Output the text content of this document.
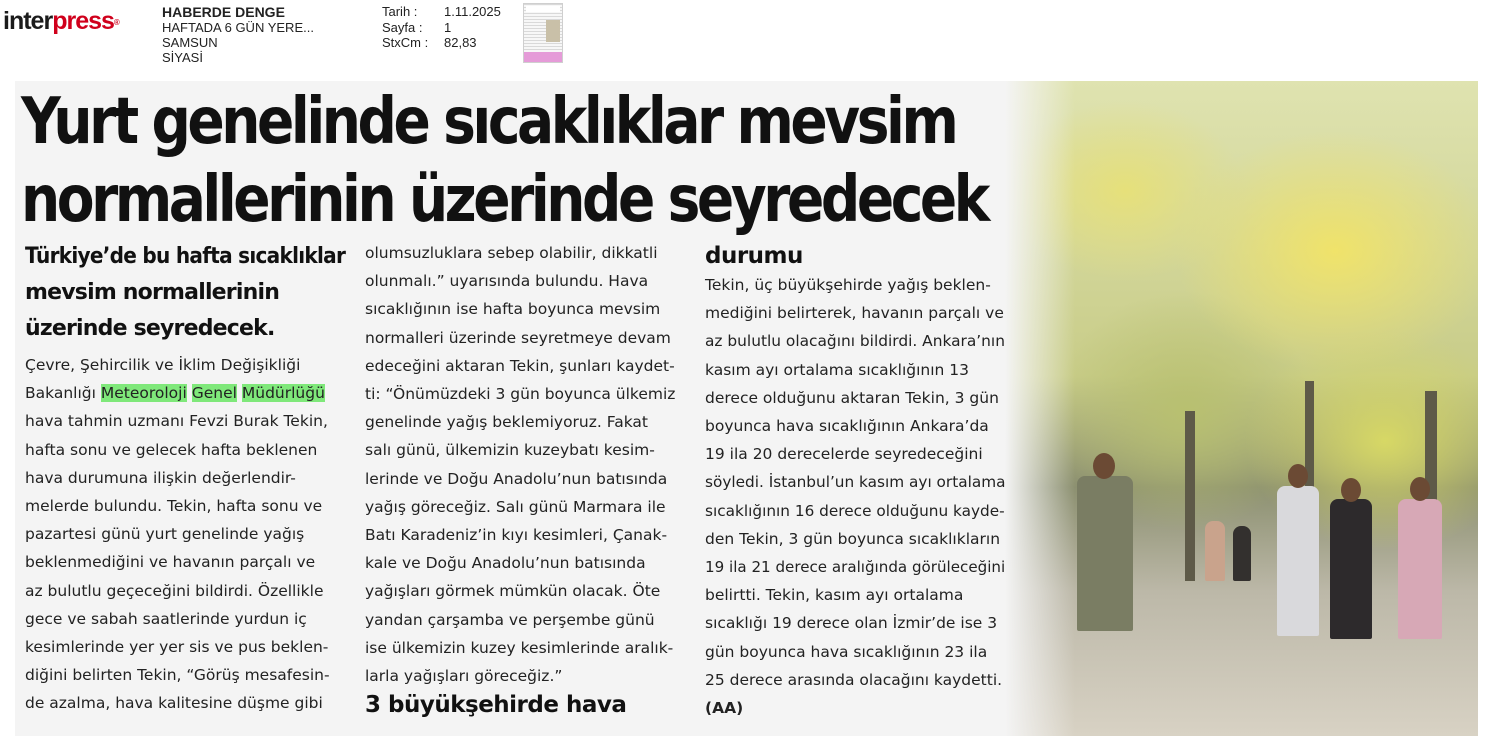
interpress®
HABERDE DENGE
HAFTADA 6 GÜN YERE...
SAMSUN
SİYASİ
Tarih :	1.11.2025
Sayfa :	1
StxCm :	82,83
Yurt genelinde sıcaklıklar mevsim
normallerinin üzerinde seyredecek
Türkiye’de bu hafta sıcaklıklar
mevsim normallerinin
üzerinde seyredecek.
Çevre, Şehircilik ve İklim Değişikliği
Bakanlığı Meteoroloji Genel Müdürlüğü
hava tahmin uzmanı Fevzi Burak Tekin,
hafta sonu ve gelecek hafta beklenen
hava durumuna ilişkin değerlendir-
melerde bulundu. Tekin, hafta sonu ve
pazartesi günü yurt genelinde yağış
beklenmediğini ve havanın parçalı ve
az bulutlu geçeceğini bildirdi. Özellikle
gece ve sabah saatlerinde yurdun iç
kesimlerinde yer yer sis ve pus beklen-
diğini belirten Tekin, “Görüş mesafesin-
de azalma, hava kalitesine düşme gibi
olumsuzluklara sebep olabilir, dikkatli
olunmalı.” uyarısında bulundu. Hava
sıcaklığının ise hafta boyunca mevsim
normalleri üzerinde seyretmeye devam
edeceğini aktaran Tekin, şunları kaydet-
ti: “Önümüzdeki 3 gün boyunca ülkemiz
genelinde yağış beklemiyoruz. Fakat
salı günü, ülkemizin kuzeybatı kesim-
lerinde ve Doğu Anadolu’nun batısında
yağış göreceğiz. Salı günü Marmara ile
Batı Karadeniz’in kıyı kesimleri, Çanak-
kale ve Doğu Anadolu’nun batısında
yağışları görmek mümkün olacak. Öte
yandan çarşamba ve perşembe günü
ise ülkemizin kuzey kesimlerinde aralık-
larla yağışları göreceğiz.”
3 büyükşehirde hava
durumu
Tekin, üç büyükşehirde yağış beklen-
mediğini belirterek, havanın parçalı ve
az bulutlu olacağını bildirdi. Ankara’nın
kasım ayı ortalama sıcaklığının 13
derece olduğunu aktaran Tekin, 3 gün
boyunca hava sıcaklığının Ankara’da
19 ila 20 derecelerde seyredeceğini
söyledi. İstanbul’un kasım ayı ortalama
sıcaklığının 16 derece olduğunu kayde-
den Tekin, 3 gün boyunca sıcaklıkların
19 ila 21 derece aralığında görüleceğini
belirtti. Tekin, kasım ayı ortalama
sıcaklığı 19 derece olan İzmir’de ise 3
gün boyunca hava sıcaklığının 23 ila
25 derece arasında olacağını kaydetti.
(AA)
